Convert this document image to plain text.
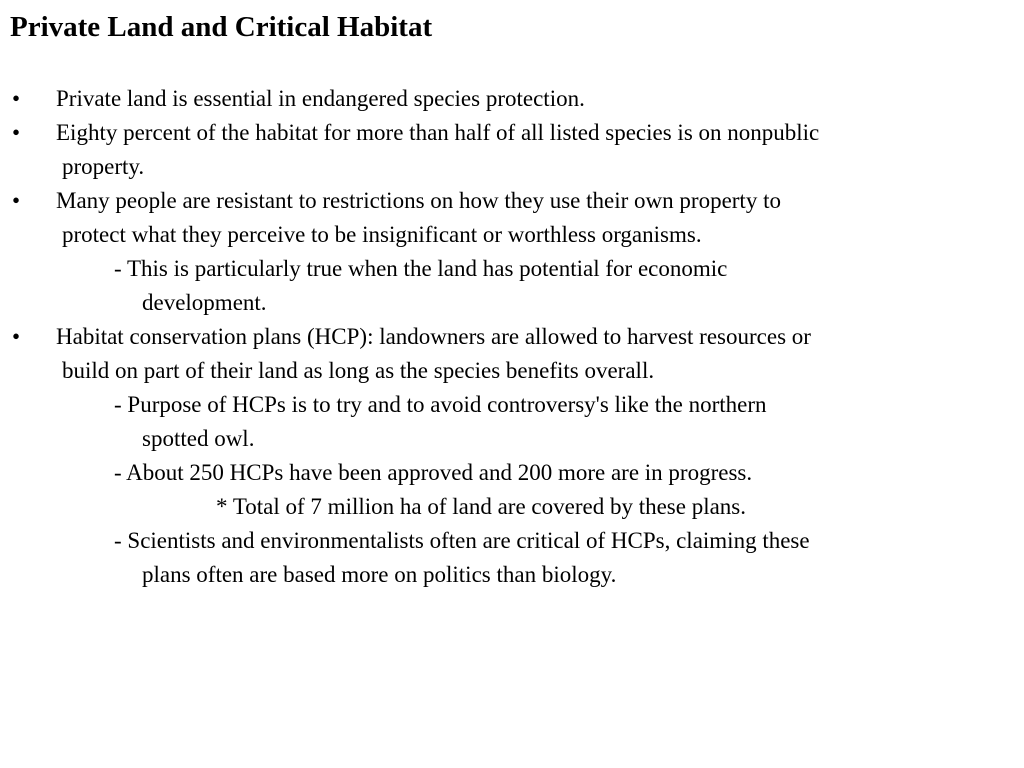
Private Land and Critical Habitat
• Private land is essential in endangered species protection.
• Eighty percent of the habitat for more than half of all listed species is on nonpublic
property.
• Many people are resistant to restrictions on how they use their own property to
protect what they perceive to be insignificant or worthless organisms.
- This is particularly true when the land has potential for economic
development.
• Habitat conservation plans (HCP): landowners are allowed to harvest resources or
build on part of their land as long as the species benefits overall.
- Purpose of HCPs is to try and to avoid controversy's like the northern
spotted owl.
- About 250 HCPs have been approved and 200 more are in progress.
* Total of 7 million ha of land are covered by these plans.
- Scientists and environmentalists often are critical of HCPs, claiming these
plans often are based more on politics than biology.
